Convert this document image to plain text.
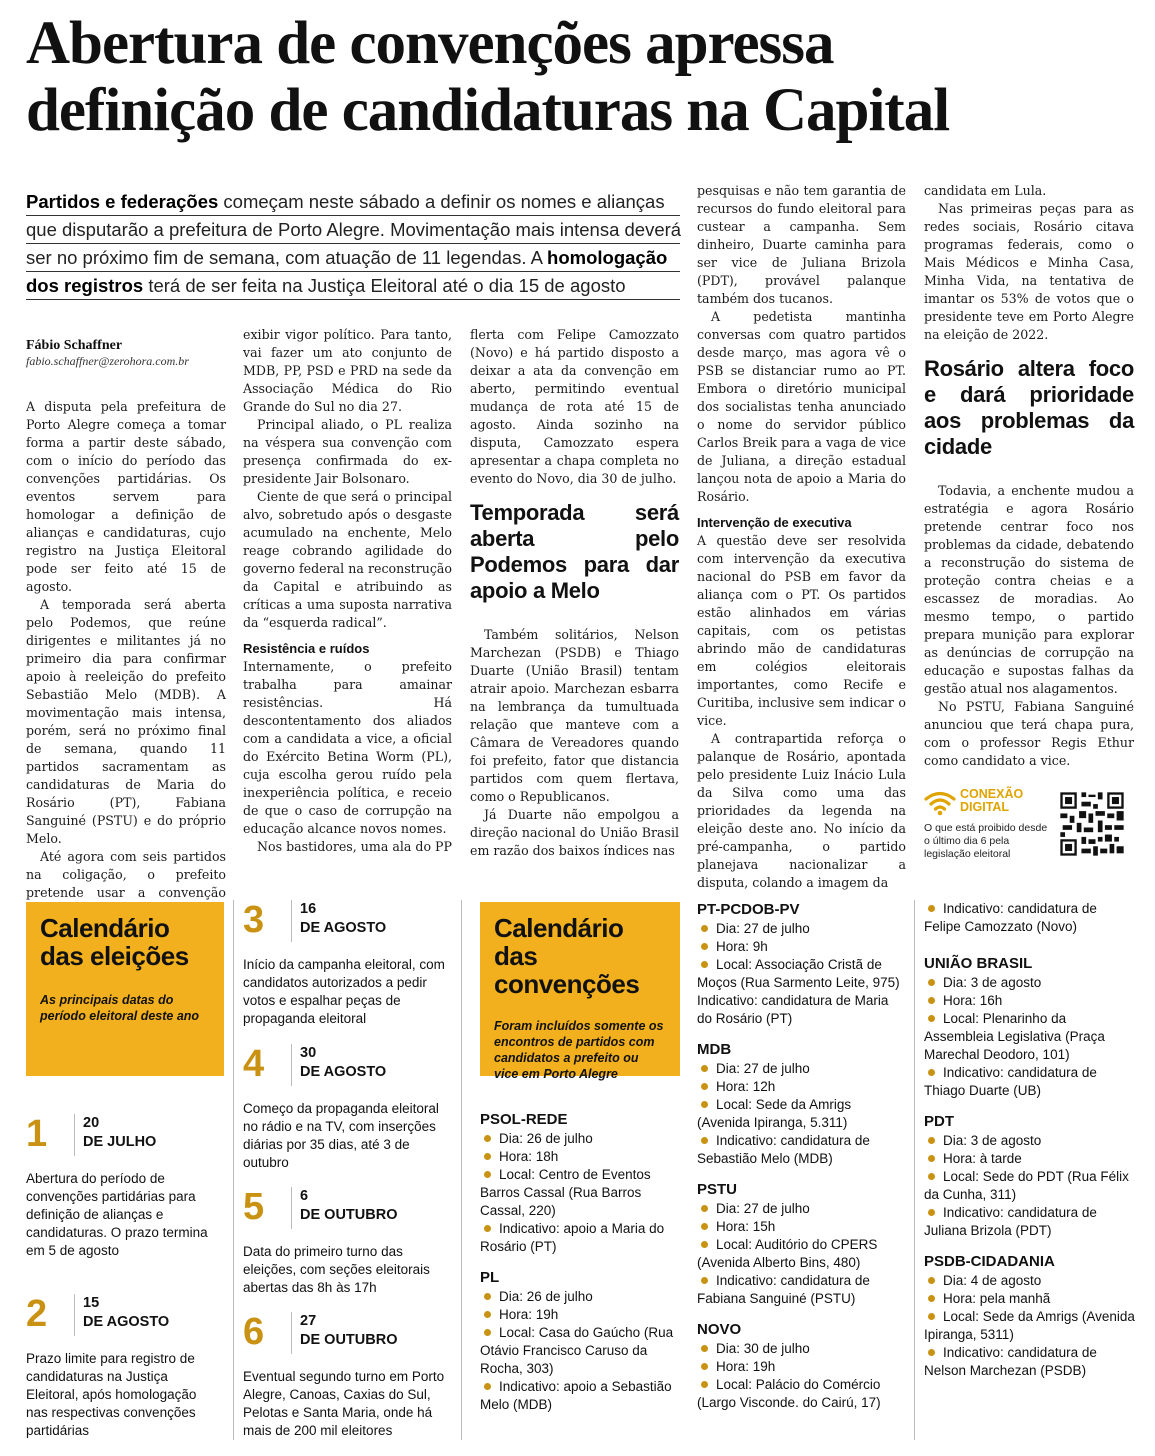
Abertura de convenções apressa
definição de candidaturas na Capital
Partidos e federações começam neste sábado a definir os nomes e alianças
que disputarão a prefeitura de Porto Alegre. Movimentação mais intensa deverá
ser no próximo fim de semana, com atuação de 11 legendas. A homologação
dos registros terá de ser feita na Justiça Eleitoral até o dia 15 de agosto
Fábio Schaffner
fabio.schaffner@zerohora.com.br

A disputa pela prefeitura de Porto Alegre começa a tomar forma a partir deste sábado, com o início do período das convenções partidárias. Os eventos servem para homologar a definição de alianças e candidaturas, cujo registro na Justiça Eleitoral pode ser feito até 15 de agosto.

A temporada será aberta pelo Podemos, que reúne dirigentes e militantes já no primeiro dia para confirmar apoio à reeleição do prefeito Sebastião Melo (MDB). A movimentação mais intensa, porém, será no próximo final de semana, quando 11 partidos sacramentam as candidaturas de Maria do Rosário (PT), Fabiana Sanguiné (PSTU) e do próprio Melo.

Até agora com seis partidos na coligação, o prefeito pretende usar a convenção

exibir vigor político. Para tanto, vai fazer um ato conjunto de MDB, PP, PSD e PRD na sede da Associação Médica do Rio Grande do Sul no dia 27.

Principal aliado, o PL realiza na véspera sua convenção com presença confirmada do ex-presidente Jair Bolsonaro.

Ciente de que será o principal alvo, sobretudo após o desgaste acumulado na enchente, Melo reage cobrando agilidade do governo federal na reconstrução da Capital e atribuindo as críticas a uma suposta narrativa da “esquerda radical”.

Resistência e ruídos

Internamente, o prefeito trabalha para amainar resistências. Há descontentamento dos aliados com a candidata a vice, a oficial do Exército Betina Worm (PL), cuja escolha gerou ruído pela inexperiência política, e receio de que o caso de corrupção na educação alcance novos nomes.

Nos bastidores, uma ala do PP

flerta com Felipe Camozzato (Novo) e há partido disposto a deixar a ata da convenção em aberto, permitindo eventual mudança de rota até 15 de agosto. Ainda sozinho na disputa, Camozzato espera apresentar a chapa completa no evento do Novo, dia 30 de julho.

Temporada será aberta pelo Podemos para dar apoio a Melo

Também solitários, Nelson Marchezan (PSDB) e Thiago Duarte (União Brasil) tentam atrair apoio. Marchezan esbarra na lembrança da tumultuada relação que manteve com a Câmara de Vereadores quando foi prefeito, fator que distancia partidos com quem flertava, como o Republicanos.

Já Duarte não empolgou a direção nacional do União Brasil em razão dos baixos índices nas

pesquisas e não tem garantia de recursos do fundo eleitoral para custear a campanha. Sem dinheiro, Duarte caminha para ser vice de Juliana Brizola (PDT), provável palanque também dos tucanos.

A pedetista mantinha conversas com quatro partidos desde março, mas agora vê o PSB se distanciar rumo ao PT. Embora o diretório municipal dos socialistas tenha anunciado o nome do servidor público Carlos Breik para a vaga de vice de Juliana, a direção estadual lançou nota de apoio a Maria do Rosário.

Intervenção de executiva

A questão deve ser resolvida com intervenção da executiva nacional do PSB em favor da aliança com o PT. Os partidos estão alinhados em várias capitais, com os petistas abrindo mão de candidaturas em colégios eleitorais importantes, como Recife e Curitiba, inclusive sem indicar o vice.

A contrapartida reforça o palanque de Rosário, apontada pelo presidente Luiz Inácio Lula da Silva como uma das prioridades da legenda na eleição deste ano. No início da pré-campanha, o partido planejava nacionalizar a disputa, colando a imagem da

candidata em Lula.

Nas primeiras peças para as redes sociais, Rosário citava programas federais, como o Mais Médicos e Minha Casa, Minha Vida, na tentativa de imantar os 53% de votos que o presidente teve em Porto Alegre na eleição de 2022.

Rosário altera foco e dará prioridade aos problemas da cidade

Todavia, a enchente mudou a estratégia e agora Rosário pretende centrar foco nos problemas da cidade, debatendo a reconstrução do sistema de proteção contra cheias e a escassez de moradias. Ao mesmo tempo, o partido prepara munição para explorar as denúncias de corrupção na educação e supostas falhas da gestão atual nos alagamentos.

No PSTU, Fabiana Sanguiné anunciou que terá chapa pura, com o professor Regis Ethur como candidato a vice.

CONEXÃO
DIGITAL
O que está proibido desde o último dia 6 pela legislação eleitoral
Calendário
das eleições
As principais datas do período eleitoral deste ano
1 20
DE JULHO
Abertura do período de convenções partidárias para definição de alianças e candidaturas. O prazo termina em 5 de agosto
2 15
DE AGOSTO
Prazo limite para registro de candidaturas na Justiça Eleitoral, após homologação nas respectivas convenções partidárias
3 16
DE AGOSTO
Início da campanha eleitoral, com candidatos autorizados a pedir votos e espalhar peças de propaganda eleitoral
4 30
DE AGOSTO
Começo da propaganda eleitoral no rádio e na TV, com inserções diárias por 35 dias, até 3 de outubro
5 6
DE OUTUBRO
Data do primeiro turno das eleições, com seções eleitorais abertas das 8h às 17h
6 27
DE OUTUBRO
Eventual segundo turno em Porto Alegre, Canoas, Caxias do Sul, Pelotas e Santa Maria, onde há mais de 200 mil eleitores
Calendário das
convenções
Foram incluídos somente os encontros de partidos com candidatos a prefeito ou vice em Porto Alegre
PSOL-REDE
Dia: 26 de julho
Hora: 18h
Local: Centro de Eventos Barros Cassal (Rua Barros Cassal, 220)
Indicativo: apoio a Maria do Rosário (PT)
PL
Dia: 26 de julho
Hora: 19h
Local: Casa do Gaúcho (Rua Otávio Francisco Caruso da Rocha, 303)
Indicativo: apoio a Sebastião Melo (MDB)
PT-PCDOB-PV
Dia: 27 de julho
Hora: 9h
Local: Associação Cristã de Moços (Rua Sarmento Leite, 975)
Indicativo: candidatura de Maria do Rosário (PT)
MDB
Dia: 27 de julho
Hora: 12h
Local: Sede da Amrigs (Avenida Ipiranga, 5.311)
Indicativo: candidatura de Sebastião Melo (MDB)
PSTU
Dia: 27 de julho
Hora: 15h
Local: Auditório do CPERS (Avenida Alberto Bins, 480)
Indicativo: candidatura de Fabiana Sanguiné (PSTU)
NOVO
Dia: 30 de julho
Hora: 19h
Local: Palácio do Comércio (Largo Visconde. do Cairú, 17)
Indicativo: candidatura de Felipe Camozzato (Novo)
UNIÃO BRASIL
Dia: 3 de agosto
Hora: 16h
Local: Plenarinho da Assembleia Legislativa (Praça Marechal Deodoro, 101)
Indicativo: candidatura de Thiago Duarte (UB)
PDT
Dia: 3 de agosto
Hora: à tarde
Local: Sede do PDT (Rua Félix da Cunha, 311)
Indicativo: candidatura de Juliana Brizola (PDT)
PSDB-CIDADANIA
Dia: 4 de agosto
Hora: pela manhã
Local: Sede da Amrigs (Avenida Ipiranga, 5311)
Indicativo: candidatura de Nelson Marchezan (PSDB)
